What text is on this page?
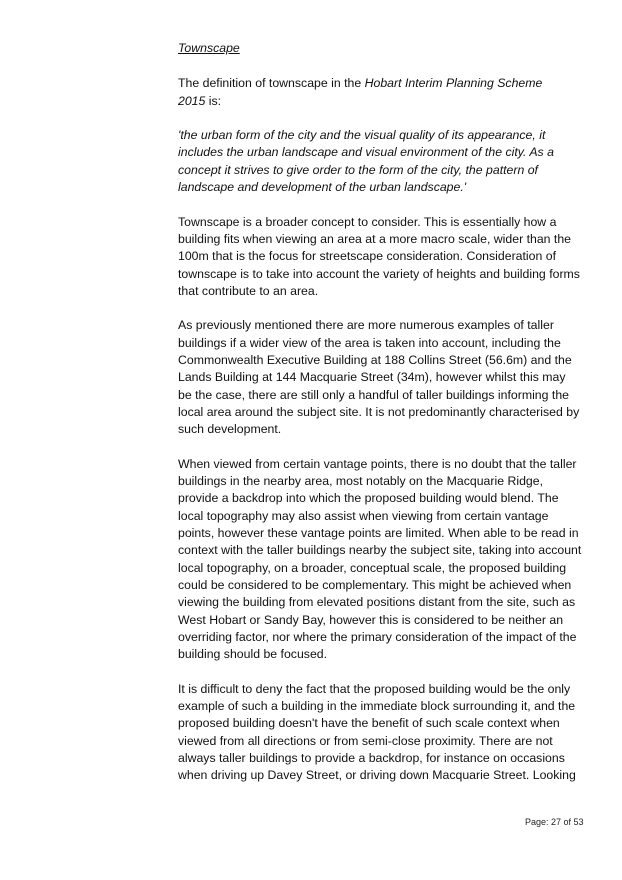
Townscape

The definition of townscape in the Hobart Interim Planning Scheme
2015 is:

'the urban form of the city and the visual quality of its appearance, it
includes the urban landscape and visual environment of the city. As a
concept it strives to give order to the form of the city, the pattern of
landscape and development of the urban landscape.'

Townscape is a broader concept to consider. This is essentially how a
building fits when viewing an area at a more macro scale, wider than the
100m that is the focus for streetscape consideration. Consideration of
townscape is to take into account the variety of heights and building forms
that contribute to an area.

As previously mentioned there are more numerous examples of taller
buildings if a wider view of the area is taken into account, including the
Commonwealth Executive Building at 188 Collins Street (56.6m) and the
Lands Building at 144 Macquarie Street (34m), however whilst this may
be the case, there are still only a handful of taller buildings informing the
local area around the subject site. It is not predominantly characterised by
such development.

When viewed from certain vantage points, there is no doubt that the taller
buildings in the nearby area, most notably on the Macquarie Ridge,
provide a backdrop into which the proposed building would blend. The
local topography may also assist when viewing from certain vantage
points, however these vantage points are limited. When able to be read in
context with the taller buildings nearby the subject site, taking into account
local topography, on a broader, conceptual scale, the proposed building
could be considered to be complementary. This might be achieved when
viewing the building from elevated positions distant from the site, such as
West Hobart or Sandy Bay, however this is considered to be neither an
overriding factor, nor where the primary consideration of the impact of the
building should be focused.

It is difficult to deny the fact that the proposed building would be the only
example of such a building in the immediate block surrounding it, and the
proposed building doesn't have the benefit of such scale context when
viewed from all directions or from semi-close proximity. There are not
always taller buildings to provide a backdrop, for instance on occasions
when driving up Davey Street, or driving down Macquarie Street. Looking

Page: 27 of 53
